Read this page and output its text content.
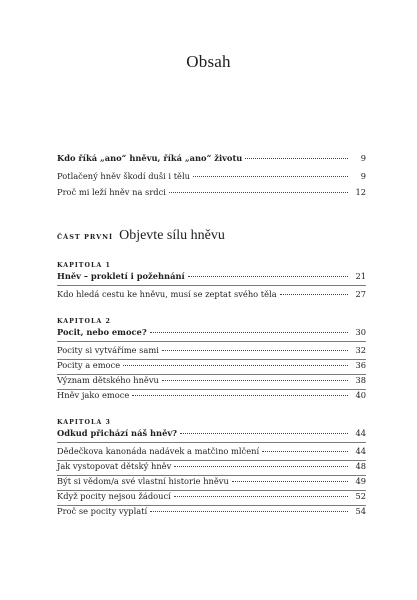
Obsah
Kdo říká „ano“ hněvu, říká „ano“ životu	9
Potlačený hněv škodí duši i tělu	9
Proč mi leží hněv na srdci	12
ČÁST PRVNÍ Objevte sílu hněvu
KAPITOLA 1
Hněv – prokletí i požehnání	21
Kdo hledá cestu ke hněvu, musí se zeptat svého těla	27
KAPITOLA 2
Pocit, nebo emoce?	30
Pocity si vytváříme sami	32
Pocity a emoce	36
Význam dětského hněvu	38
Hněv jako emoce	40
KAPITOLA 3
Odkud přichází náš hněv?	44
Dědečkova kanonáda nadávek a matčino mlčení	44
Jak vystopovat dětský hněv	48
Být si vědom/a své vlastní historie hněvu	49
Když pocity nejsou žádoucí	52
Proč se pocity vyplatí	54
